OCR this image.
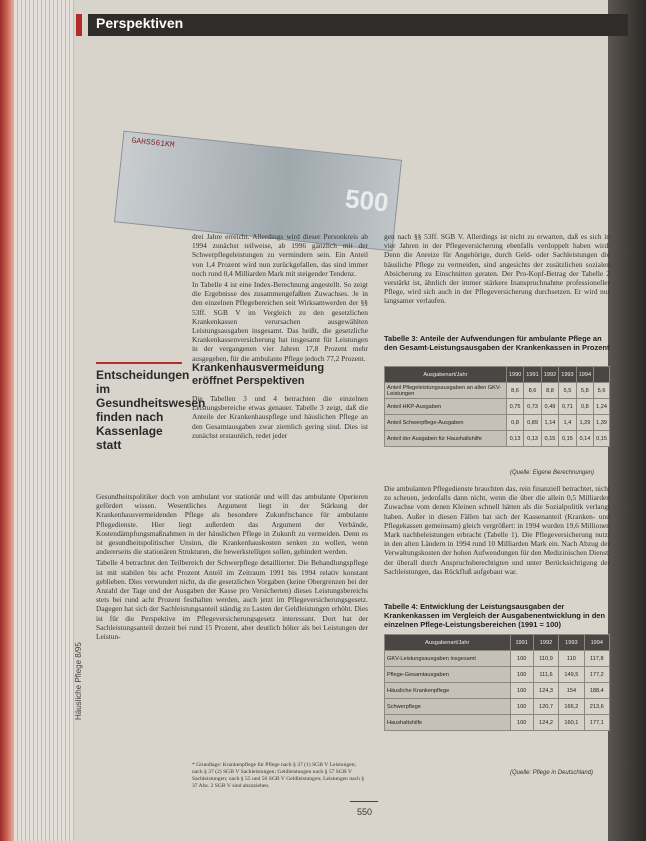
Perspektiven
GAHS561KM
500

drei Jahre erreicht. Allerdings wird dieser Personkreis ab 1994 zunächst teilweise, ab 1996 gänzlich mit der Schwerpflegeleistungen zu vermindern sein. Ein Anteil von 1,4 Prozent wird nun zurückgefallen, das sind immer noch rund 0,4 Milliarden Mark mit steigender Tendenz.

In Tabelle 4 ist eine Index-Berechnung angestellt. So zeigt die Ergebnisse des zusammengefaßten Zuwachses. Je in den einzelnen Pflegebereichen seit Wirksamwerden der §§ 53ff. SGB V im Vergleich zu den gesetzlichen Krankenkassen verursachen ausgewählten Leistungsausgaben insgesamt. Das heißt, die gesetzliche Krankenkassenversicherung hat insgesamt für Leistungen in der vergangenen vier Jahren 17,8 Prozent mehr ausgegeben, für die ambulante Pflege jedoch 77,2 Prozent.

Entscheidungen im Gesundheitswesen finden nach Kassenlage statt
Krankenhausvermeidung eröffnet Perspektiven

Die Tabellen 3 und 4 betrachten die einzelnen Leistungsbereiche etwas genauer. Tabelle 3 zeigt, daß die Anteile der Krankenhauspflege und häuslichen Pflege an den Gesamtausgaben zwar ziemlich gering sind. Dies ist zunächst erstaunlich, redet jeder

Gesundheitspolitiker doch von ambulant vor stationär und will das ambulante Operieren gefördert wissen. Wesentliches Argument liegt in der Stärkung der Krankenhausvermeidenden Pflege als besondere Zukunftschance für ambulante Pflegedienste. Hier liegt außerdem das Argument der Verbände, Kostendämpfungsmaßnahmen in der häuslichen Pflege in Zukunft zu vermeiden. Denn es ist gesundheitspolitischer Unsinn, die Krankenhauskosten senken zu wollen, wenn andererseits die stationären Strukturen, die bewerkstelligen sollen, gehindert werden.

Tabelle 4 betrachtet den Teilbereich der Schwerpflege detaillierter. Die Behandlungspflege ist mit stabilen bis acht Prozent Anteil im Zeitraum 1991 bis 1994 relativ konstant geblieben. Dies verwundert nicht, da die gesetzlichen Vorgaben (keine Obergrenzen bei der Anzahl der Tage und der Ausgaben der Kasse pro Versicherten) dieses Leistungsbereichs stets bei rund acht Prozent festhalten werden, auch jetzt im Pflegeversicherungsgesetz. Dagegen hat sich der Sachleistungsanteil ständig zu Lasten der Geldleistungen erhöht. Dies ist für die Perspektive im Pflegeversicherungsgesetz interessant. Dort hat der Sachleistungsanteil derzeit bei rund 15 Prozent, aber deutlich höher als bei Leistungen der Leistun-

* Grundlage: Krankenpflege für Pflege nach § 37 (1) SGB V Leistungen; nach § 37 (2) SGB V Sachleistungen; Geldleistungen nach § 57 SGB V Sachleistungen; nach § 55 und 56 SGB V Geldleistungen; Leistungen nach § 37 Abs. 2 SGB V sind abzuziehen.

gen nach §§ 53ff. SGB V. Allerdings ist nicht zu erwarten, daß es sich in vier Jahren in der Pflegeversicherung ebenfalls verdoppelt haben wird. Denn die Anreize für Angehörige, durch Geld- oder Sachleistungen die häusliche Pflege zu vermeiden, sind angesichts der zusätzlichen sozialen Absicherung zu Einschnitten geraten. Der Pro-Kopf-Betrag der Tabelle 2 verstärkt ist, ähnlich der immer stärkere Inanspruchnahme professioneller Pflege, wird sich auch in der Pflegeversicherung durchsetzen. Er wird nur langsamer verlaufen.

Tabelle 3: Anteile der Aufwendungen für ambulante Pflege an den Gesamt-Leistungsausgaben der Krankenkassen in Prozent
Ausgabenart/Jahr	1990	1991	1992	1993	1994	
Anteil Pflegeleistungsausgaben an allen GKV-Leistungen	8,6	8,6	8,8	5,5	5,8	5,6
Anteil HKP-Ausgaben	0,75	0,73	0,49	0,71	0,8	1,24
Anteil Schwerpflege-Ausgaben	0,8	0,89	1,14	1,4	1,29	1,39
Anteil der Ausgaben für Haushaltshilfe	0,13	0,13	0,15	0,15	0,14	0,15
(Quelle: Eigene Berechnungen)

Die ambulanten Pflegedienste brauchten das, rein finanziell betrachtet, nicht zu scheuen, jedenfalls dann nicht, wenn die über die allein 0,5 Milliarden Zuwachse vom denen Kleinen schnell hätten als die Sozialpolitik verlangt haben. Außer in diesen Fällen hat sich der Kassenanteil (Kranken- und Pflegekassen gemeinsam) gleich vergrößert: in 1994 wurden 19,6 Millionen Mark nachbeleistungen erbracht (Tabelle 1). Die Pflegeversicherung nutzt in den alten Ländern in 1994 rund 10 Milliarden Mark ein. Nach Abzug der Verwaltungskosten der hohen Aufwendungen für den Medizinischen Dienst, der überall durch Anspruchsberechtigten und unter Berücksichtigung der Sachleistungen, das Rückfluß aufgebaut war.

Tabelle 4: Entwicklung der Leistungsausgaben der Krankenkassen im Vergleich der Ausgabenentwicklung in den einzelnen Pflege-Leistungsbereichen (1991 = 100)
Ausgabenart/Jahr	1991	1992	1993	1994
GKV-Leistungsausgaben insgesamt	100	110,9	110	117,8
Pflege-Gesamtausgaben	100	111,6	149,5	177,2
Häusliche Krankenpflege	100	124,3	154	188,4
Schwerpflege	100	120,7	166,2	213,6
Haushaltshilfe	100	124,2	160,1	177,1
(Quelle: Pflege in Deutschland)
Häusliche Pflege 8/95
550
